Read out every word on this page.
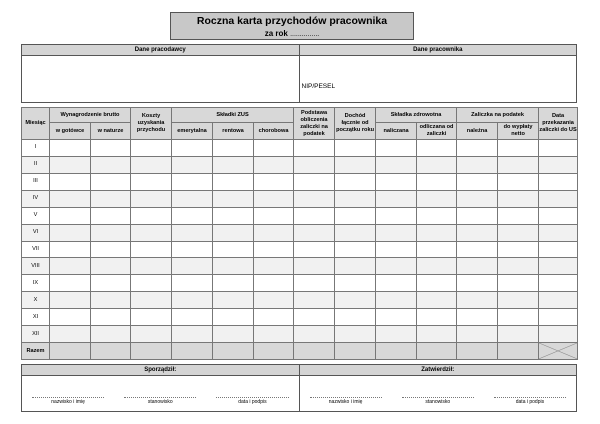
Roczna karta przychodów pracownika
za rok ...............
Dane pracodawcy	Dane pracownika
NIP/PESEL
Miesiąc	Wynagrodzenie brutto		Koszty uzyskania przychodu	Składki ZUS			Podstawa obliczenia zaliczki na podatek	Dochód łącznie od początku roku	Składka zdrowotna		Zaliczka na podatek		Data przekazania zaliczki do US
	w gotówce	w naturze		emerytalna	rentowa	chorobowa			naliczana	odliczana od zaliczki	należna	do wypłaty netto	
I													
II													
III													
IV													
V													
VI													
VII													
VIII													
IX													
X													
XI													
XII													
Razem													
Sporządził:
nazwisko i imię	stanowisko	data i podpis
Zatwierdził:
nazwisko i imię	stanowisko	data i podpis
